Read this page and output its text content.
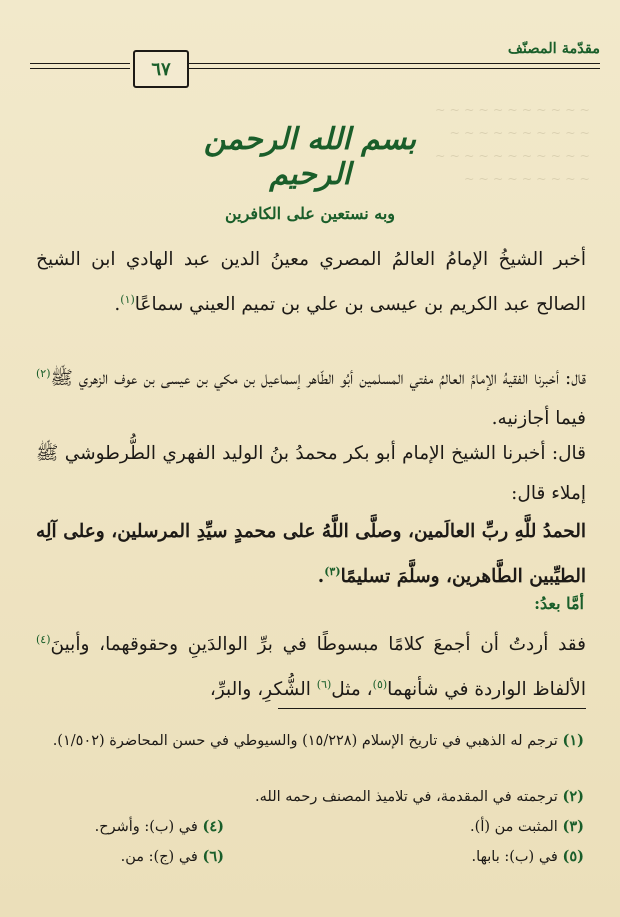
~ ~ ~ ~ ~ ~ ~ ~ ~ ~ ~
~ ~ ~ ~ ~ ~ ~ ~ ~ ~
~ ~ ~ ~ ~ ~ ~ ~ ~ ~ ~
~ ~ ~ ~ ~ ~ ~ ~ ~
٦٧
مقدّمة المصنّف
بسم الله الرحمن الرحيم
وبه نستعين على الكافرين
أخبر الشيخُ الإمامُ العالمُ المصري معينُ الدين عبد الهادي ابن الشيخ الصالح عبد الكريم بن عيسى بن علي بن تميم العيني سماعًا$^{(١)}$.
قال: أخبرنا الفقيهُ الإمامُ العالمُ مفتي المسلمين أبُو الطّاهر إسماعيل بن مكي بن عيسى بن عوف الزهري ﷺ$^{(٢)}$ فيما أجازنيه.
قال: أخبرنا الشيخ الإمام أبو بكر محمدُ بنُ الوليد الفهري الطُّرطوشي ﷺ إملاء قال:
الحمدُ للَّهِ ربِّ العالَمين، وصلَّى اللَّهُ على محمدٍ سيِّدِ المرسلين، وعلى آلِه الطيِّبين الطَّاهرين، وسلَّمَ تسليمًا$^{(٣)}$.
أمَّا بعدُ:
فقد أردتُ أن أجمعَ كلامًا مبسوطًا في برِّ الوالدَينِ وحقوقهما، وأبينَ$^{(٤)}$ الألفاظ الواردة في شأنهما$^{(٥)}$، مثل$^{(٦)}$ الشُّكرِ، والبرِّ،
(١) ترجم له الذهبي في تاريخ الإسلام (١٥/٢٢٨) والسيوطي في حسن المحاضرة (١/٥٠٢).
(٢) ترجمته في المقدمة، في تلاميذ المصنف رحمه الله.
(٣) المثبت من (أ).
(٤) في (ب): وأشرح.
(٥) في (ب): بابها.
(٦) في (ج): من.
